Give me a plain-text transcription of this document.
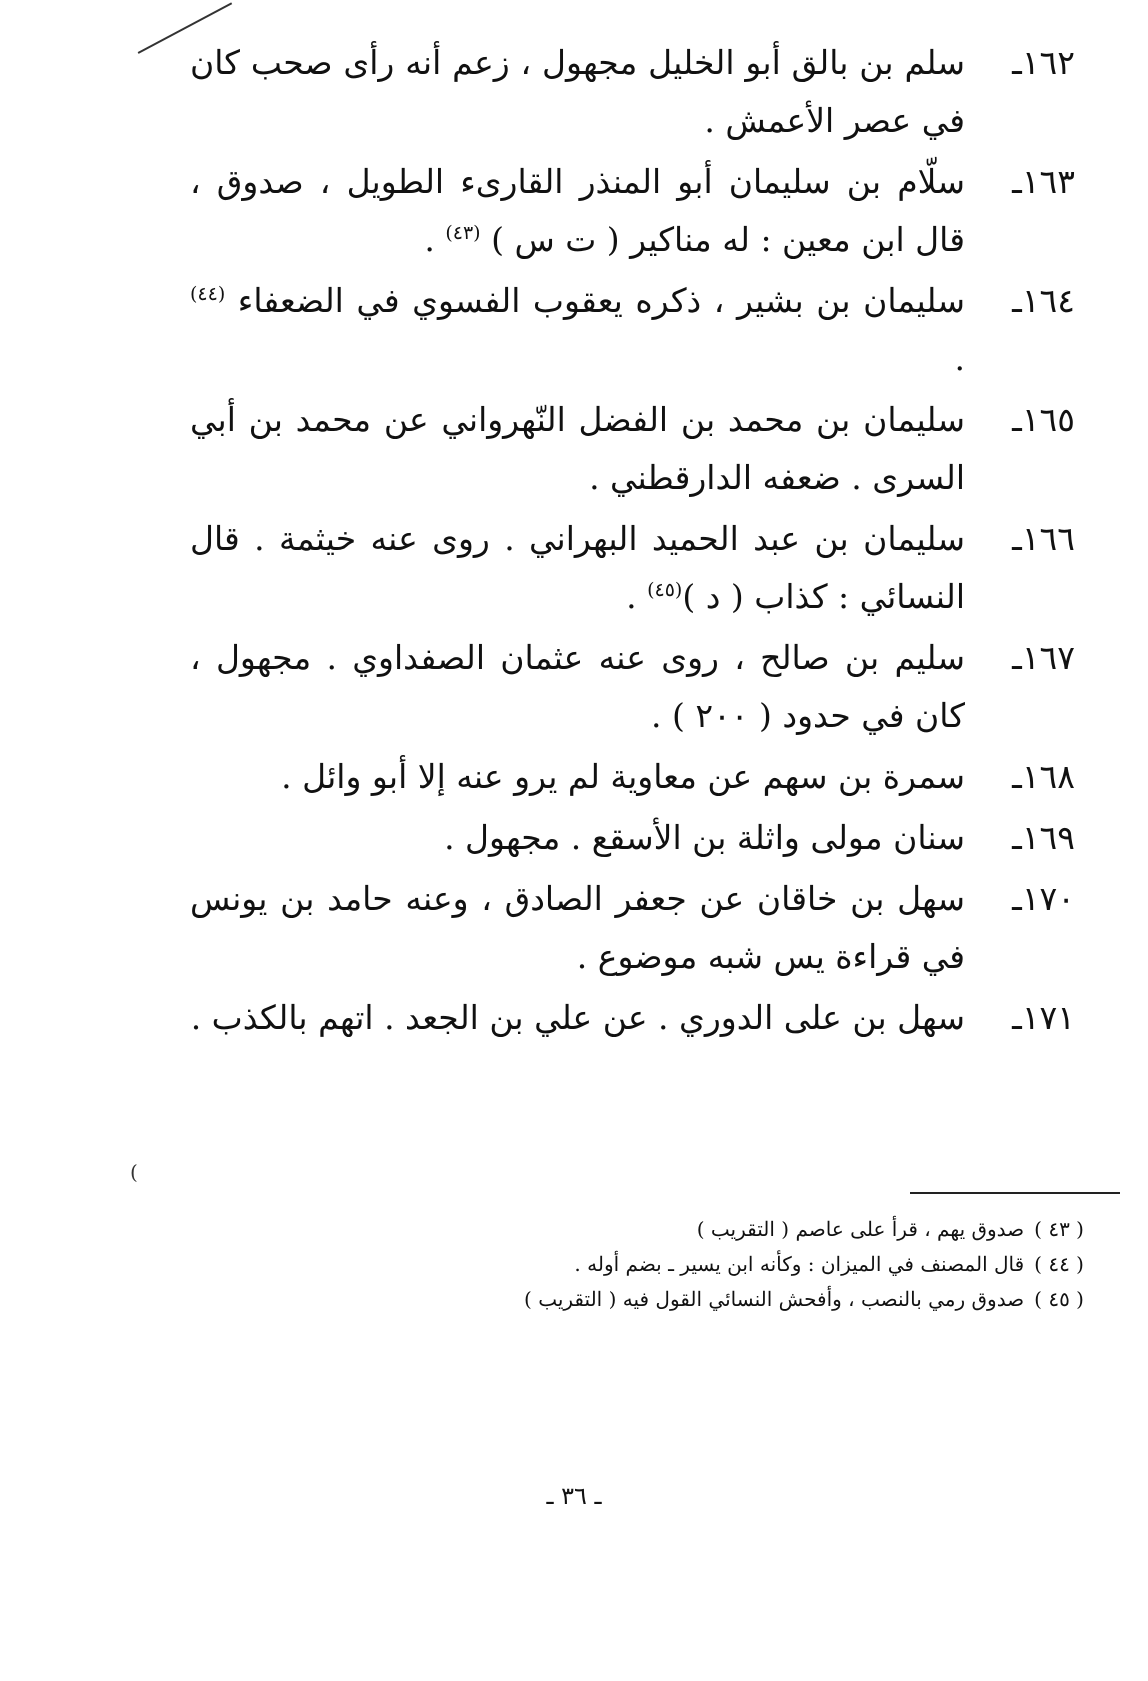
١٦٢ـ
سلم بن بالق أبو الخليل مجهول ، زعم أنه رأى صحب كان في عصر الأعمش .
١٦٣ـ
سلّام بن سليمان أبو المنذر القارىء الطويل ، صدوق ، قال ابن معين : له مناكير ( ت س ) $^{(٤٣)}$ .
١٦٤ـ
سليمان بن بشير ، ذكره يعقوب الفسوي في الضعفاء $^{(٤٤)}$ .
١٦٥ـ
سليمان بن محمد بن الفضل النّهرواني عن محمد بن أبي السرى . ضعفه الدارقطني .
١٦٦ـ
سليمان بن عبد الحميد البهراني . روى عنه خيثمة . قال النسائي : كذاب ( د )$^{(٤٥)}$ .
١٦٧ـ
سليم بن صالح ، روى عنه عثمان الصفداوي . مجهول ، كان في حدود ( ٢٠٠ ) .
١٦٨ـ
سمرة بن سهم عن معاوية لم يرو عنه إلا أبو وائل .
١٦٩ـ
سنان مولى واثلة بن الأسقع . مجهول .
١٧٠ـ
سهل بن خاقان عن جعفر الصادق ، وعنه حامد بن يونس في قراءة يس شبه موضوع .
١٧١ـ
سهل بن على الدوري . عن علي بن الجعد . اتهم بالكذب .
(
( ٤٣ )صدوق يهم ، قرأ على عاصم ( التقريب )
( ٤٤ )قال المصنف في الميزان : وكأنه ابن يسير ـ بضم أوله .
( ٤٥ )صدوق رمي بالنصب ، وأفحش النسائي القول فيه ( التقريب )
ـ ٣٦ ـ
